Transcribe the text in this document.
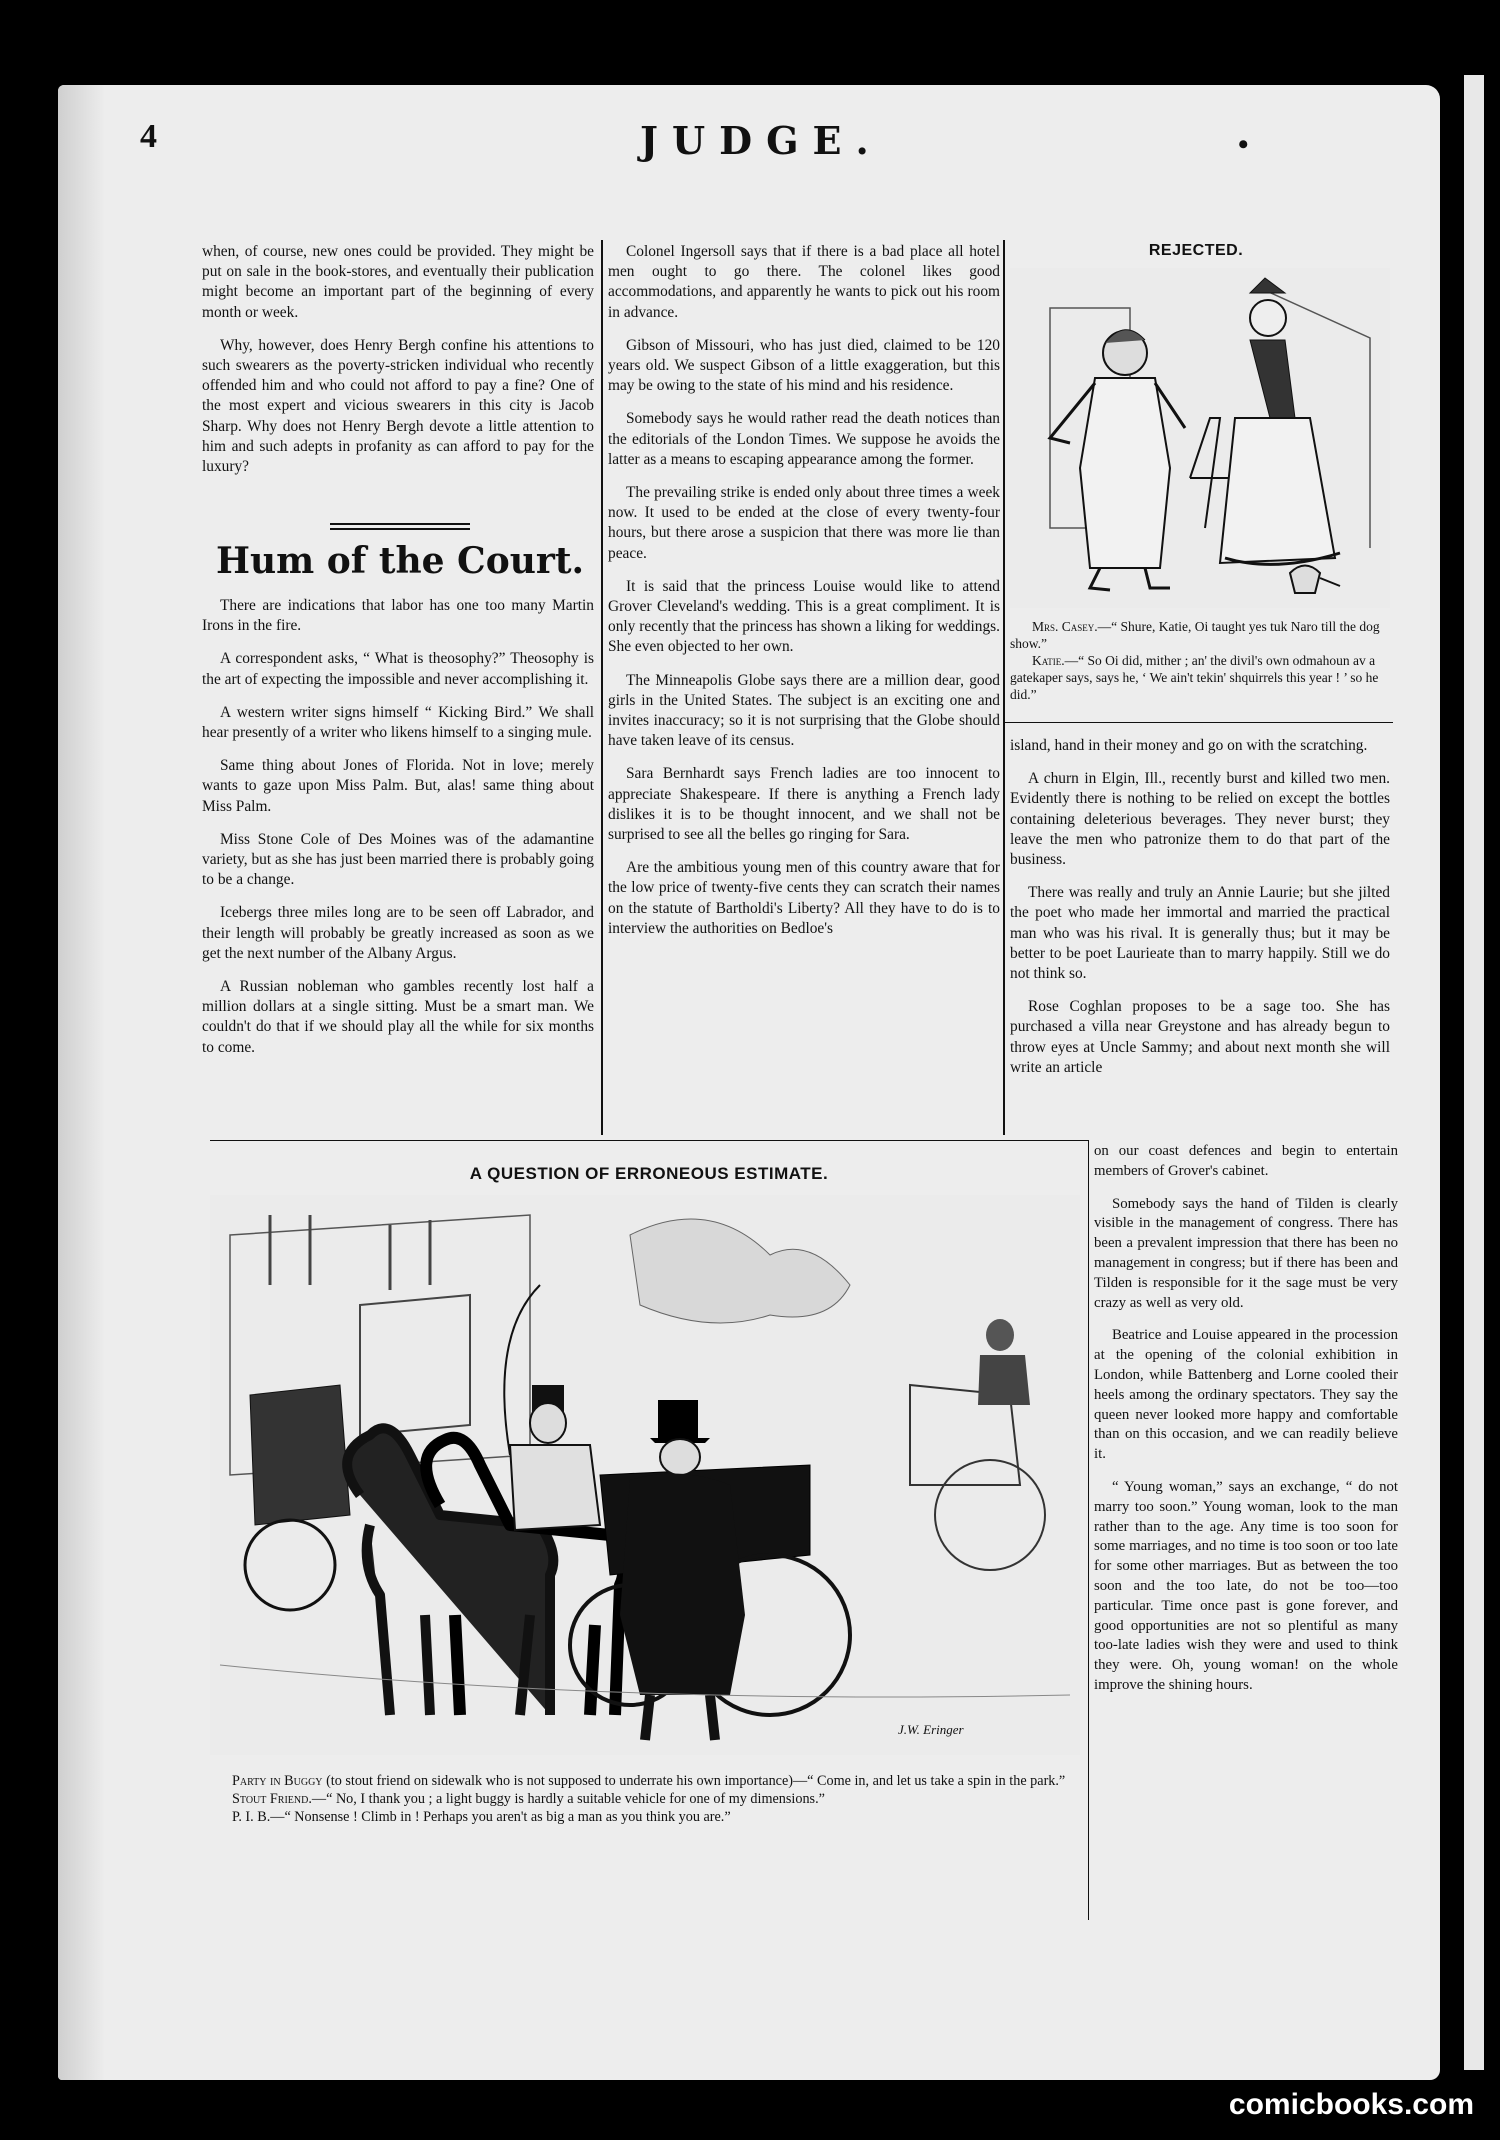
4	JUDGE.	•

when, of course, new ones could be provided. They might be put on sale in the book-stores, and eventually their publication might become an important part of the beginning of every month or week.

Why, however, does Henry Bergh confine his attentions to such swearers as the poverty-stricken individual who recently offended him and who could not afford to pay a fine? One of the most expert and vicious swearers in this city is Jacob Sharp. Why does not Henry Bergh devote a little attention to him and such adepts in profanity as can afford to pay for the luxury?

Hum of the Court.

There are indications that labor has one too many Martin Irons in the fire.

A correspondent asks, “ What is theosophy?” Theosophy is the art of expecting the impossible and never accomplishing it.

A western writer signs himself “ Kicking Bird.” We shall hear presently of a writer who likens himself to a singing mule.

Same thing about Jones of Florida. Not in love; merely wants to gaze upon Miss Palm. But, alas! same thing about Miss Palm.

Miss Stone Cole of Des Moines was of the adamantine variety, but as she has just been married there is probably going to be a change.

Icebergs three miles long are to be seen off Labrador, and their length will probably be greatly increased as soon as we get the next number of the Albany Argus.

A Russian nobleman who gambles recently lost half a million dollars at a single sitting. Must be a smart man. We couldn't do that if we should play all the while for six months to come.

Colonel Ingersoll says that if there is a bad place all hotel men ought to go there. The colonel likes good accommodations, and apparently he wants to pick out his room in advance.

Gibson of Missouri, who has just died, claimed to be 120 years old. We suspect Gibson of a little exaggeration, but this may be owing to the state of his mind and his residence.

Somebody says he would rather read the death notices than the editorials of the London Times. We suppose he avoids the latter as a means to escaping appearance among the former.

The prevailing strike is ended only about three times a week now. It used to be ended at the close of every twenty-four hours, but there arose a suspicion that there was more lie than peace.

It is said that the princess Louise would like to attend Grover Cleveland's wedding. This is a great compliment. It is only recently that the princess has shown a liking for weddings. She even objected to her own.

The Minneapolis Globe says there are a million dear, good girls in the United States. The subject is an exciting one and invites inaccuracy; so it is not surprising that the Globe should have taken leave of its census.

Sara Bernhardt says French ladies are too innocent to appreciate Shakespeare. If there is anything a French lady dislikes it is to be thought innocent, and we shall not be surprised to see all the belles go ringing for Sara.

Are the ambitious young men of this country aware that for the low price of twenty-five cents they can scratch their names on the statute of Bartholdi's Liberty? All they have to do is to interview the authorities on Bedloe's

REJECTED.

Mrs. Casey.—“ Shure, Katie, Oi taught yes tuk Naro till the dog show.”

Katie.—“ So Oi did, mither ; an' the divil's own odmahoun av a gatekaper says, says he, ‘ We ain't tekin' shquirrels this year ! ’ so he did.”

island, hand in their money and go on with the scratching.

A churn in Elgin, Ill., recently burst and killed two men. Evidently there is nothing to be relied on except the bottles containing deleterious beverages. They never burst; they leave the men who patronize them to do that part of the business.

There was really and truly an Annie Laurie; but she jilted the poet who made her immortal and married the practical man who was his rival. It is generally thus; but it may be better to be poet Laurieate than to marry happily. Still we do not think so.

Rose Coghlan proposes to be a sage too. She has purchased a villa near Greystone and has already begun to throw eyes at Uncle Sammy; and about next month she will write an article

on our coast defences and begin to entertain members of Grover's cabinet.

Somebody says the hand of Tilden is clearly visible in the management of congress. There has been a prevalent impression that there has been no management in congress; but if there has been and Tilden is responsible for it the sage must be very crazy as well as very old.

Beatrice and Louise appeared in the procession at the opening of the colonial exhibition in London, while Battenberg and Lorne cooled their heels among the ordinary spectators. They say the queen never looked more happy and comfortable than on this occasion, and we can readily believe it.

“ Young woman,” says an exchange, “ do not marry too soon.” Young woman, look to the man rather than to the age. Any time is too soon for some marriages, and no time is too soon or too late for some other marriages. But as between the too soon and the too late, do not be too—too particular. Time once past is gone forever, and good opportunities are not so plentiful as many too-late ladies wish they were and used to think they were. Oh, young woman! on the whole improve the shining hours.

A QUESTION OF ERRONEOUS ESTIMATE.
J.W. Eringer

Party in Buggy (to stout friend on sidewalk who is not supposed to underrate his own importance)—“ Come in, and let us take a spin in the park.”

Stout Friend.—“ No, I thank you ; a light buggy is hardly a suitable vehicle for one of my dimensions.”

P. I. B.—“ Nonsense ! Climb in ! Perhaps you aren't as big a man as you think you are.”

comicbooks.com
